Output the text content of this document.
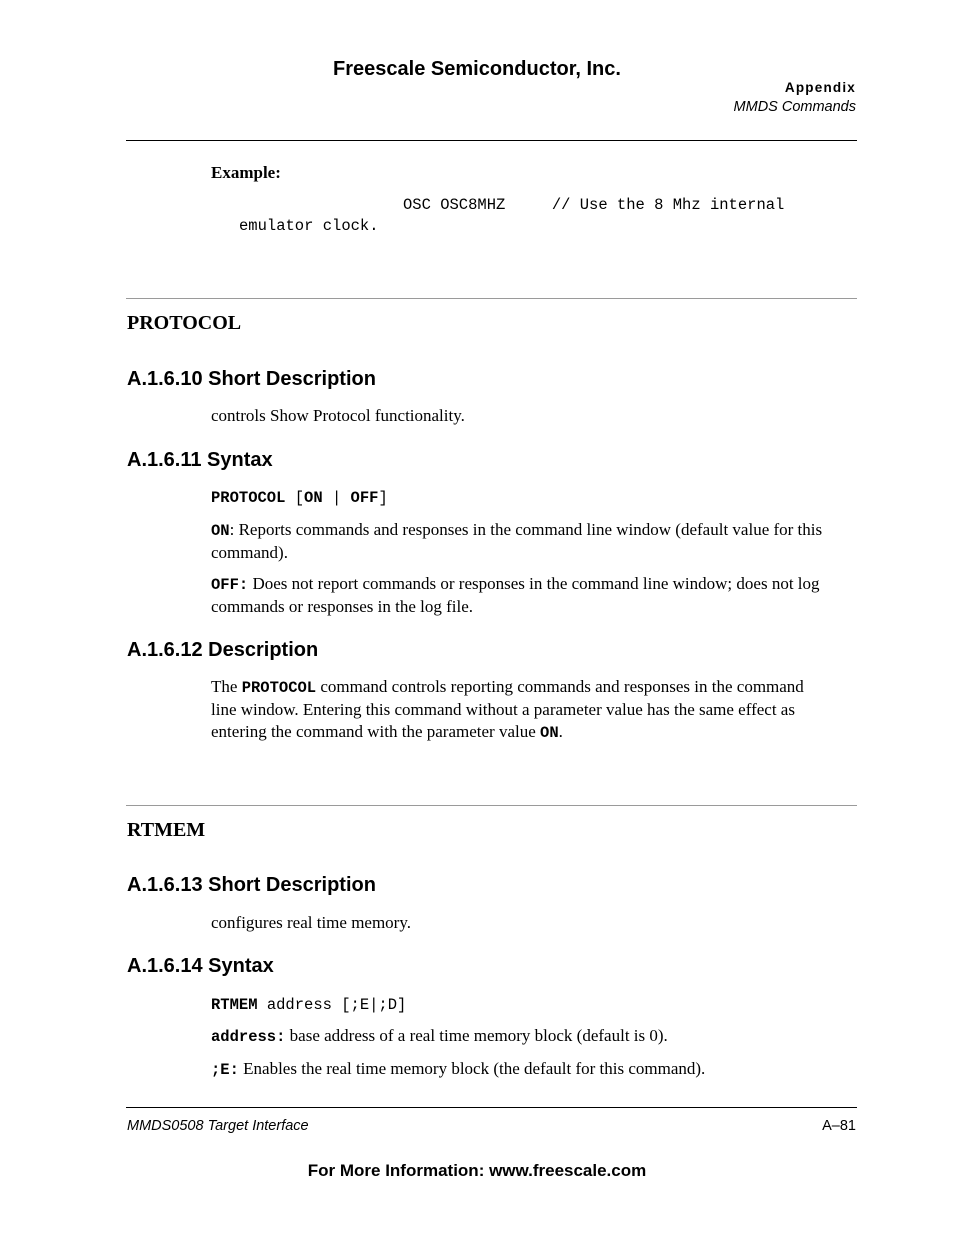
Freescale Semiconductor, Inc.
Appendix
MMDS Commands
Example:
OSC OSC8MHZ     // Use the 8 Mhz internal
emulator clock.
PROTOCOL
A.1.6.10 Short Description
controls Show Protocol functionality.
A.1.6.11 Syntax
PROTOCOL [ON | OFF]
ON: Reports commands and responses in the command line window (default value for this command).
OFF: Does not report commands or responses in the command line window; does not log commands or responses in the log file.
A.1.6.12 Description
The PROTOCOL command controls reporting commands and responses in the command line window. Entering this command without a parameter value has the same effect as entering the command with the parameter value ON.
RTMEM
A.1.6.13 Short Description
configures real time memory.
A.1.6.14 Syntax
RTMEM address [;E|;D]
address: base address of a real time memory block (default is 0).
;E: Enables the real time memory block (the default for this command).
MMDS0508 Target Interface	A–81
For More Information: www.freescale.com
